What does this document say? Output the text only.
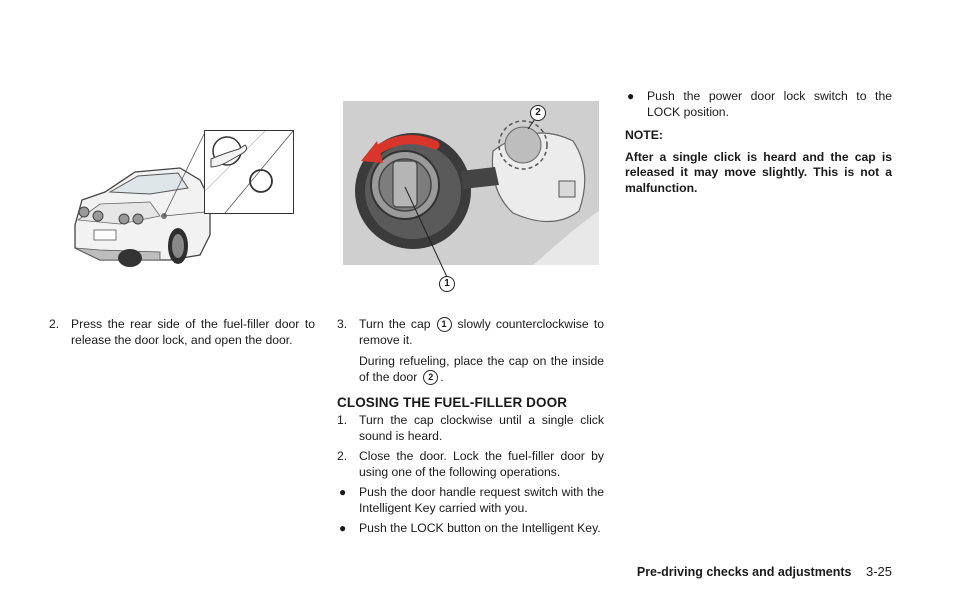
1
2

2. Press the rear side of the fuel-filler door to release the door lock, and open the door.

3. Turn the cap 1 slowly counterclockwise to remove it.

During refueling, place the cap on the inside of the door 2 .

CLOSING THE FUEL-FILLER DOOR

1. Turn the cap clockwise until a single click sound is heard.

2. Close the door. Lock the fuel-filler door by using one of the following operations.

● Push the door handle request switch with the Intelligent Key carried with you.

● Push the LOCK button on the Intelligent Key.

● Push the power door lock switch to the LOCK position.

NOTE:

After a single click is heard and the cap is released it may move slightly. This is not a malfunction.

Pre-driving checks and adjustments 3-25
